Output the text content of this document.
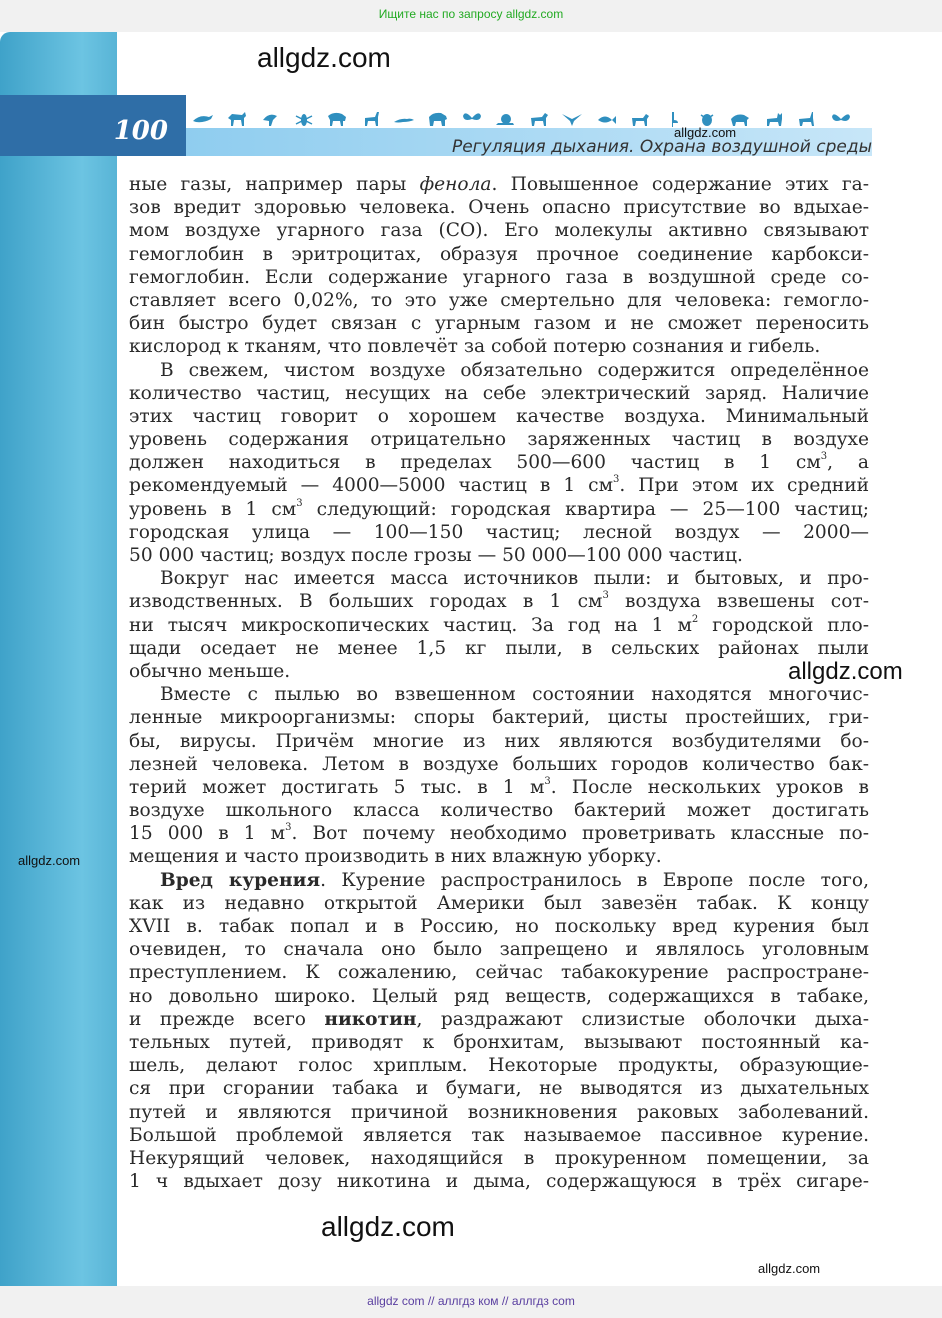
Ищите нас по запросу allgdz.com
100
Регуляция дыхания. Охрана воздушной среды
allgdz.com
allgdz.com
allgdz.com
allgdz.com
allgdz.com
allgdz.com
ные газы, например пары фенола. Повышенное содержание этих га-
зов вредит здоровью человека. Очень опасно присутствие во вдыхае-
мом воздухе угарного газа (СО). Его молекулы активно связывают
гемоглобин в эритроцитах, образуя прочное соединение карбокси-
гемоглобин. Если содержание угарного газа в воздушной среде со-
ставляет всего 0,02%, то это уже смертельно для человека: гемогло-
бин быстро будет связан с угарным газом и не сможет переносить
кислород к тканям, что повлечёт за собой потерю сознания и гибель.
В свежем, чистом воздухе обязательно содержится определённое
количество частиц, несущих на себе электрический заряд. Наличие
этих частиц говорит о хорошем качестве воздуха. Минимальный
уровень содержания отрицательно заряженных частиц в воздухе
должен находиться в пределах 500—600 частиц в 1 $см^3$, а
рекомендуемый — 4000—5000 частиц в 1 $см^3$. При этом их средний
уровень в 1 $см^3$ следующий: городская квартира — 25—100 частиц;
городская улица — 100—150 частиц; лесной воздух — 2000—
50 000 частиц; воздух после грозы — 50 000—100 000 частиц.
Вокруг нас имеется масса источников пыли: и бытовых, и про-
изводственных. В больших городах в 1 $см^3$ воздуха взвешены сот-
ни тысяч микроскопических частиц. За год на 1 $м^2$ городской пло-
щади оседает не менее 1,5 кг пыли, в сельских районах пыли
обычно меньше.
Вместе с пылью во взвешенном состоянии находятся многочис-
ленные микроорганизмы: споры бактерий, цисты простейших, гри-
бы, вирусы. Причём многие из них являются возбудителями бо-
лезней человека. Летом в воздухе больших городов количество бак-
терий может достигать 5 тыс. в 1 $м^3$. После нескольких уроков в
воздухе школьного класса количество бактерий может достигать
15 000 в 1 $м^3$. Вот почему необходимо проветривать классные по-
мещения и часто производить в них влажную уборку.
Вред курения. Курение распространилось в Европе после того,
как из недавно открытой Америки был завезён табак. К концу
XVII в. табак попал и в Россию, но поскольку вред курения был
очевиден, то сначала оно было запрещено и являлось уголовным
преступлением. К сожалению, сейчас табакокурение распростране-
но довольно широко. Целый ряд веществ, содержащихся в табаке,
и прежде всего никотин, раздражают слизистые оболочки дыха-
тельных путей, приводят к бронхитам, вызывают постоянный ка-
шель, делают голос хриплым. Некоторые продукты, образующие-
ся при сгорании табака и бумаги, не выводятся из дыхательных
путей и являются причиной возникновения раковых заболеваний.
Большой проблемой является так называемое пассивное курение.
Некурящий человек, находящийся в прокуренном помещении, за
1 ч вдыхает дозу никотина и дыма, содержащуюся в трёх сигаре-
allgdz com // аллгдз ком // аллгдз com
